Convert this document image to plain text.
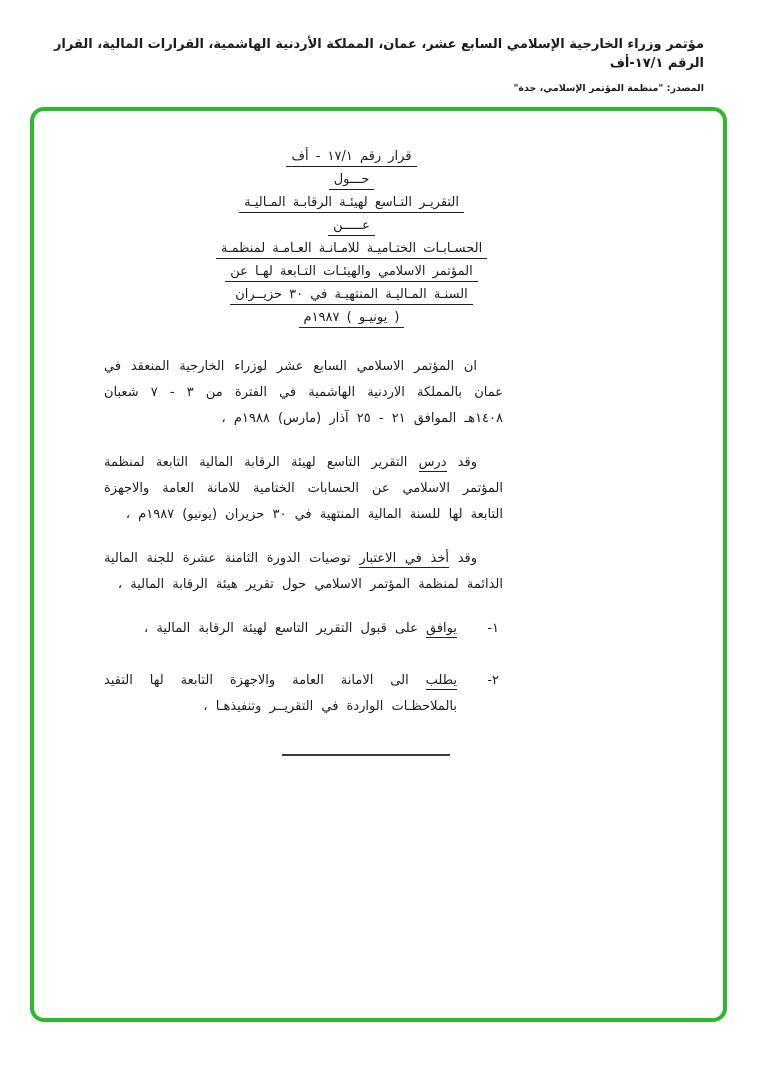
مؤتمر وزراء الخارجية الإسلامي السابع عشر، عمان، المملكة الأردنية الهاشمية، القرارات المالية، القرار الرقم ١٧/١-أف
المصدر: "منظمة المؤتمر الإسلامي، جدة"
قرار رقم ١٧/١ - أف
حـــول
التقريـر التـاسع لهيئـة الرقابـة المـاليـة
عـــــن
الحسـابـات الختـاميـة للامـانـة العـامـة لمنظمـة
المؤتمر الاسلامي والهيئـات التـابعة لهـا عن
السنـة المـاليـة المنتهيـة في ٣٠ حزيــران
( يونيـو ) ١٩٨٧م

ان المؤتمر الاسلامي السابع عشر لوزراء الخارجية المنعقد في عمان بالمملكة الاردنية الهاشمية في الفترة من ٣ - ٧ شعبان ١٤٠٨هـ الموافق ٢١ - ٢٥ آذار (مارس) ١٩٨٨م ،

وقد درس التقرير التاسع لهيئة الرقابة المالية التابعة لمنظمة المؤتمر الاسلامي عن الحسابات الختامية للامانة العامة والاجهزة التابعة لها للسنة المالية المنتهية في ٣٠ حزيران (يونيو) ١٩٨٧م ،

وقد أخذ في الاعتبار توصيات الدورة الثامنة عشرة للجنة المالية الدائمة لمنظمة المؤتمر الاسلامي حول تقرير هيئة الرقابة المالية ،

١-
يوافق على قبول التقرير التاسع لهيئة الرقابة المالية ،
٢-
يطلب الى الامانة العامة والاجهزة التابعة لها التقيد بالملاحظـات الواردة في التقريــر وتنفيذهـا ،
